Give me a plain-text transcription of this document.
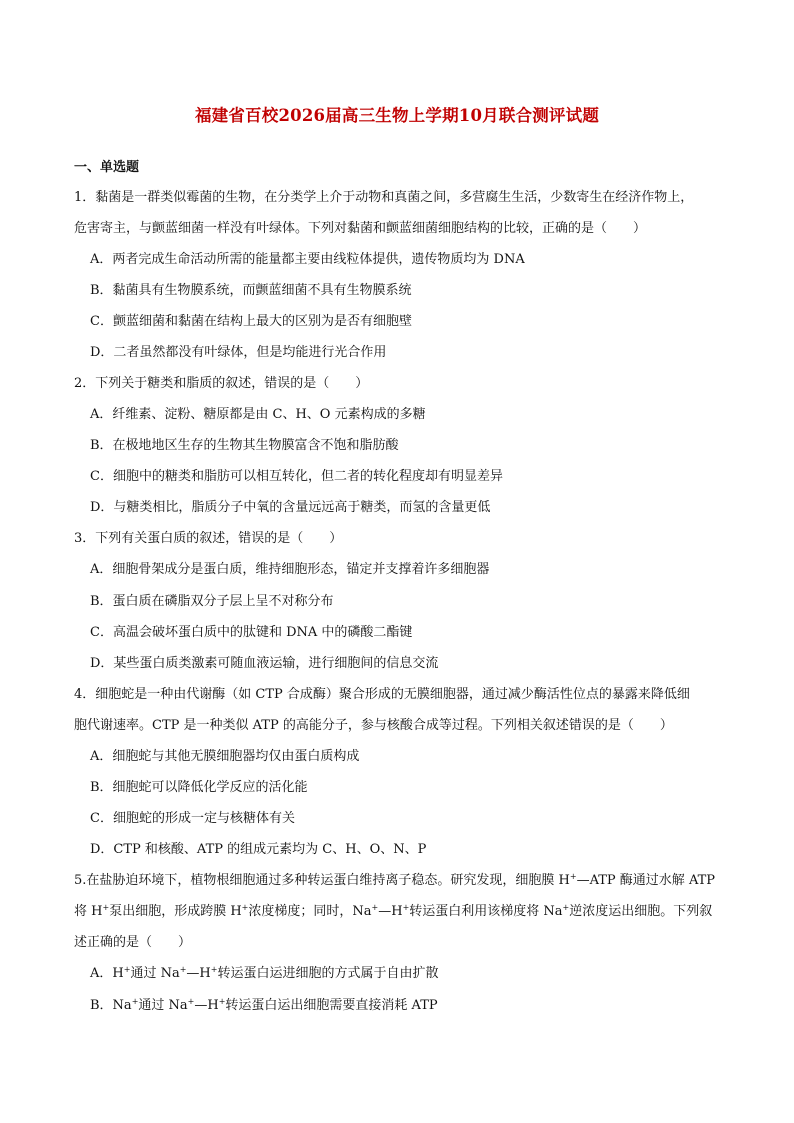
福建省百校2026届高三生物上学期10月联合测评试题
一、单选题
1．黏菌是一群类似霉菌的生物，在分类学上介于动物和真菌之间，多营腐生生活，少数寄生在经济作物上，
危害寄主，与颤蓝细菌一样没有叶绿体。下列对黏菌和颤蓝细菌细胞结构的比较，正确的是（　　）
A．两者完成生命活动所需的能量都主要由线粒体提供，遗传物质均为 DNA
B．黏菌具有生物膜系统，而颤蓝细菌不具有生物膜系统
C．颤蓝细菌和黏菌在结构上最大的区别为是否有细胞壁
D．二者虽然都没有叶绿体，但是均能进行光合作用
2．下列关于糖类和脂质的叙述，错误的是（　　）
A．纤维素、淀粉、糖原都是由 C、H、O 元素构成的多糖
B．在极地地区生存的生物其生物膜富含不饱和脂肪酸
C．细胞中的糖类和脂肪可以相互转化，但二者的转化程度却有明显差异
D．与糖类相比，脂质分子中氧的含量远远高于糖类，而氢的含量更低
3．下列有关蛋白质的叙述，错误的是（　　）
A．细胞骨架成分是蛋白质，维持细胞形态，锚定并支撑着许多细胞器
B．蛋白质在磷脂双分子层上呈不对称分布
C．高温会破坏蛋白质中的肽键和 DNA 中的磷酸二酯键
D．某些蛋白质类激素可随血液运输，进行细胞间的信息交流
4．细胞蛇是一种由代谢酶（如 CTP 合成酶）聚合形成的无膜细胞器，通过减少酶活性位点的暴露来降低细
胞代谢速率。CTP 是一种类似 ATP 的高能分子，参与核酸合成等过程。下列相关叙述错误的是（　　）
A．细胞蛇与其他无膜细胞器均仅由蛋白质构成
B．细胞蛇可以降低化学反应的活化能
C．细胞蛇的形成一定与核糖体有关
D．CTP 和核酸、ATP 的组成元素均为 C、H、O、N、P
5.在盐胁迫环境下，植物根细胞通过多种转运蛋白维持离子稳态。研究发现，细胞膜 H+—ATP 酶通过水解 ATP
将 H+泵出细胞，形成跨膜 H+浓度梯度；同时，Na+—H+转运蛋白利用该梯度将 Na+逆浓度运出细胞。下列叙
述正确的是（　　）
A．H+通过 Na+—H+转运蛋白运进细胞的方式属于自由扩散
B．Na+通过 Na+—H+转运蛋白运出细胞需要直接消耗 ATP
